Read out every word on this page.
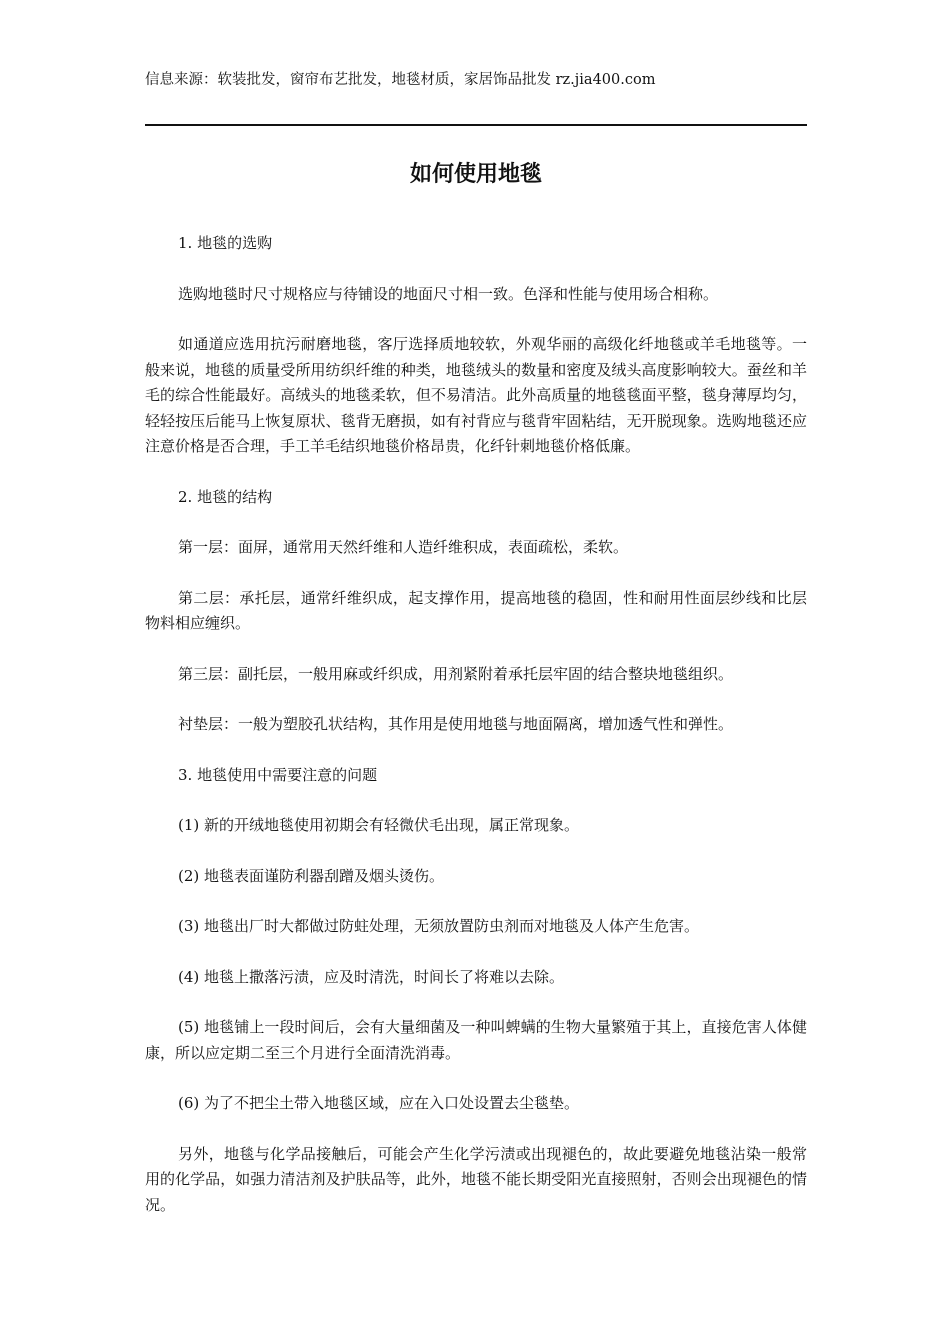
信息来源：软装批发，窗帘布艺批发，地毯材质，家居饰品批发 rz.jia400.com
如何使用地毯

1. 地毯的选购

选购地毯时尺寸规格应与待铺设的地面尺寸相一致。色泽和性能与使用场合相称。

如通道应选用抗污耐磨地毯，客厅选择质地较软，外观华丽的高级化纤地毯或羊毛地毯等。一般来说，地毯的质量受所用纺织纤维的种类，地毯绒头的数量和密度及绒头高度影响较大。蚕丝和羊毛的综合性能最好。高绒头的地毯柔软，但不易清洁。此外高质量的地毯毯面平整，毯身薄厚均匀，轻轻按压后能马上恢复原状、毯背无磨损，如有衬背应与毯背牢固粘结，无开脱现象。选购地毯还应注意价格是否合理，手工羊毛结织地毯价格昂贵，化纤针刺地毯价格低廉。

2. 地毯的结构

第一层：面屏，通常用天然纤维和人造纤维积成，表面疏松，柔软。

第二层：承托层，通常纤维织成，起支撑作用，提高地毯的稳固，性和耐用性面层纱线和比层物料相应缠织。

第三层：副托层，一般用麻或纤织成，用剂紧附着承托层牢固的结合整块地毯组织。

衬垫层：一般为塑胶孔状结构，其作用是使用地毯与地面隔离，增加透气性和弹性。

3. 地毯使用中需要注意的问题

(1) 新的开绒地毯使用初期会有轻微伏毛出现，属正常现象。

(2) 地毯表面谨防利器刮蹭及烟头烫伤。

(3) 地毯出厂时大都做过防蛀处理，无须放置防虫剂而对地毯及人体产生危害。

(4) 地毯上撒落污渍，应及时清洗，时间长了将难以去除。

(5) 地毯铺上一段时间后，会有大量细菌及一种叫蜱螨的生物大量繁殖于其上，直接危害人体健康，所以应定期二至三个月进行全面清洗消毒。

(6) 为了不把尘土带入地毯区域，应在入口处设置去尘毯垫。

另外，地毯与化学品接触后，可能会产生化学污渍或出现褪色的，故此要避免地毯沾染一般常用的化学品，如强力清洁剂及护肤品等，此外，地毯不能长期受阳光直接照射，否则会出现褪色的情况。
